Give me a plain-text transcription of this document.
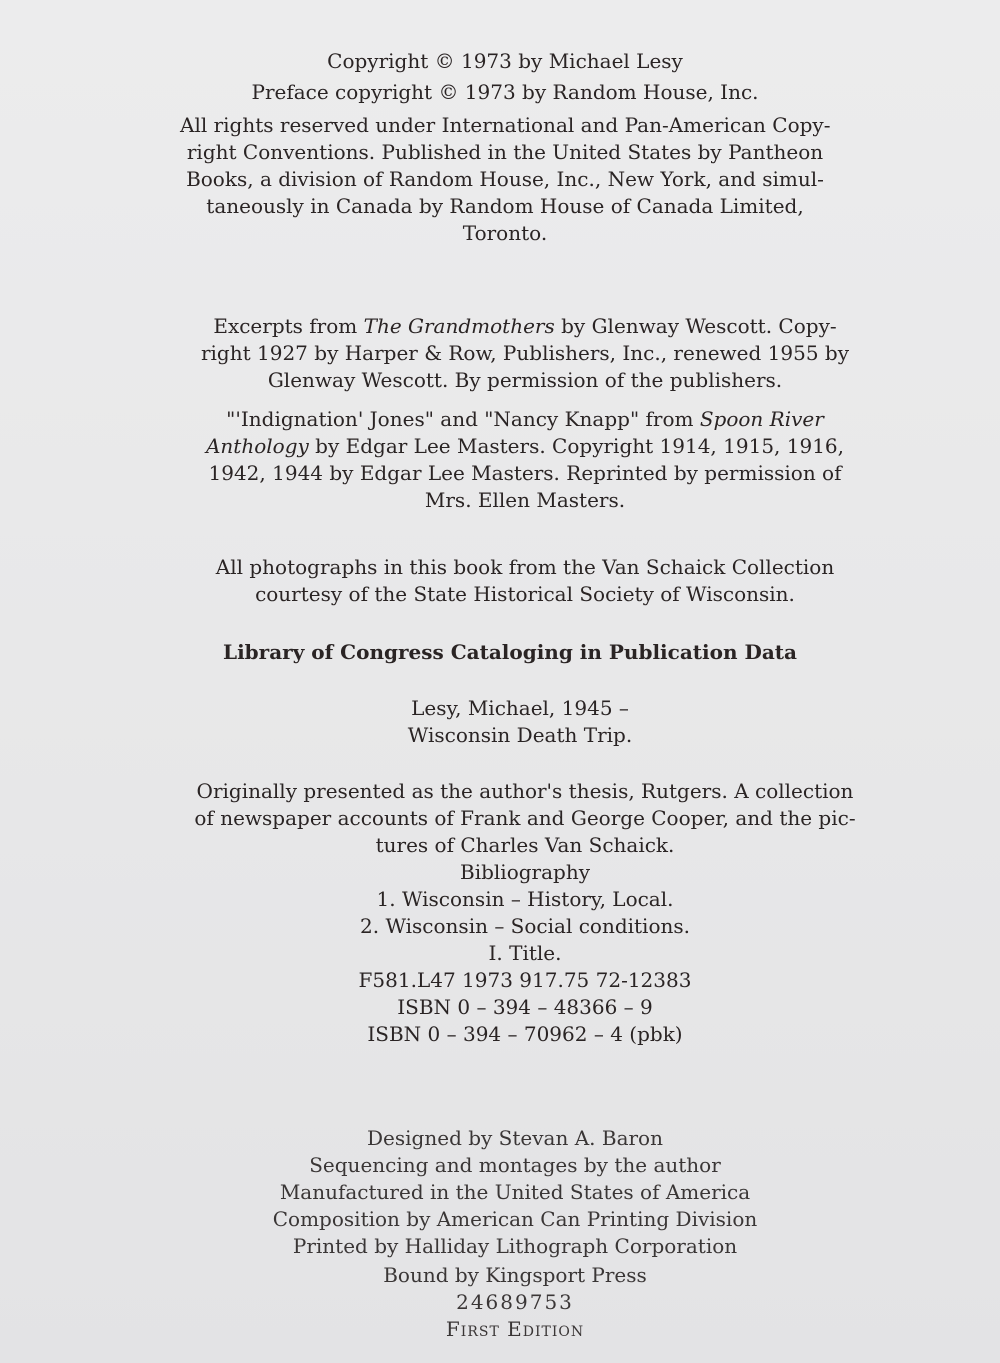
Copyright © 1973 by Michael Lesy
Preface copyright © 1973 by Random House, Inc.
All rights reserved under International and Pan-American Copy-
right Conventions. Published in the United States by Pantheon
Books, a division of Random House, Inc., New York, and simul-
taneously in Canada by Random House of Canada Limited,
Toronto.
Excerpts from The Grandmothers by Glenway Wescott. Copy-
right 1927 by Harper & Row, Publishers, Inc., renewed 1955 by
Glenway Wescott. By permission of the publishers.
"'Indignation' Jones" and "Nancy Knapp" from Spoon River
Anthology by Edgar Lee Masters. Copyright 1914, 1915, 1916,
1942, 1944 by Edgar Lee Masters. Reprinted by permission of
Mrs. Ellen Masters.
All photographs in this book from the Van Schaick Collection
courtesy of the State Historical Society of Wisconsin.
Library of Congress Cataloging in Publication Data
Lesy, Michael, 1945 –
Wisconsin Death Trip.
Originally presented as the author's thesis, Rutgers. A collection
of newspaper accounts of Frank and George Cooper, and the pic-
tures of Charles Van Schaick.
Bibliography
1. Wisconsin – History, Local.
2. Wisconsin – Social conditions.
I. Title.
F581.L47 1973 917.75 72-12383
ISBN 0 – 394 – 48366 – 9
ISBN 0 – 394 – 70962 – 4 (pbk)
Designed by Stevan A. Baron
Sequencing and montages by the author
Manufactured in the United States of America
Composition by American Can Printing Division
Printed by Halliday Lithograph Corporation
Bound by Kingsport Press
24689753
First Edition
